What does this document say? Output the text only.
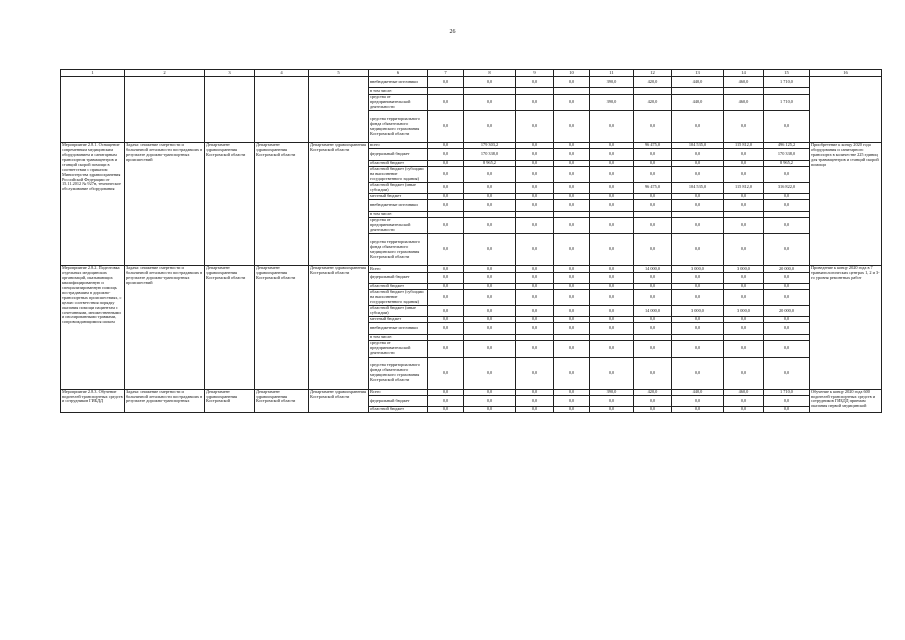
26
1	2	3	4	5	6	7	8	9	10	11	12	13	14	15	16
					внебюджетные источники	0,0	0,0	0,0	0,0	390,0	420,0	440,0	460,0	1 710,0	
					в том числе:										
					средства от предпринимательской деятельности	0,0	0,0	0,0	0,0	390,0	420,0	440,0	460,0	1 710,0	
					средства территориального фонда обязательного медицинского страхования Костромской области	0,0	0,0	0,0	0,0	0,0	0,0	0,0	0,0	0,0	
Мероприятие 2.8.1. Оснащение современным медицинским оборудованием и санитарным транспортом травмацентров и станций скорой помощи в соответствии с приказом Министерства здравоохранения Российской Федерации от 15.11.2012 № 927н, техническое обслуживание оборудования	Задача: снижение смертности и больничной летальности пострадавших в результате дорожно-транспортных происшествий	Департамент здравоохранения Костромской области	Департамент здравоохранения Костромской области	Департамент здравоохранения Костромской области	всего	0,0	179 303,2	0,0	0,0	0,0	96 475,0	104 535,0	115 812,0	496 125,2	Приобретение к концу 2020 года оборудования и санитарного транспорта в количестве 225 единиц для травмацентров и станций скорой помощи
					федеральный бюджет	0,0	170 338,0	0,0	0,0	0,0	0,0	0,0	0,0	170 338,0	
					областной бюджет	0,0	8 965,2	0,0	0,0	0,0	0,0	0,0	0,0	8 965,2	
					областной бюджет (субсидии на выполнение государственного задания)	0,0	0,0	0,0	0,0	0,0	0,0	0,0	0,0	0,0	
					областной бюджет (иные субсидии)	0,0	0,0	0,0	0,0	0,0	96 475,0	104 535,0	115 812,0	316 822,0	
					местный бюджет	0,0	0,0	0,0	0,0	0,0	0,0	0,0	0,0	0,0	
					внебюджетные источники	0,0	0,0	0,0	0,0	0,0	0,0	0,0	0,0	0,0	
					в том числе:										
					средства от предпринимательской деятельности	0,0	0,0	0,0	0,0	0,0	0,0	0,0	0,0	0,0	
					средства территориального фонда обязательного медицинского страхования Костромской области	0,0	0,0	0,0	0,0	0,0	0,0	0,0	0,0	0,0	
Мероприятие 2.8.2. Подготовка отдельных медицинских организаций, оказывающих квалифицированную и специализированную помощь пострадавшим в дорожно-транспортных происшествиях, с целью соответствия порядку оказания помощи пациентам с сочетанными, множественными и изолированными травмами, сопровождающимися шоком	Задача: снижение смертности и больничной летальности пострадавших в результате дорожно-транспортных происшествий	Департамент здравоохранения Костромской области	Департамент здравоохранения Костромской области	Департамент здравоохранения Костромской области	Всего	0,0	0,0	0,0	0,0	0,0	14 000,0	3 000,0	3 000,0	20 000,0	Проведение к концу 2020 года в 7 травматологических центрах 1, 2 и 3-го уровня ремонтных работ
					федеральный бюджет	0,0	0,0	0,0	0,0	0,0	0,0	0,0	0,0	0,0	
					областной бюджет	0,0	0,0	0,0	0,0	0,0	0,0	0,0	0,0	0,0	
					областной бюджет (субсидии на выполнение государственного задания)	0,0	0,0	0,0	0,0	0,0	0,0	0,0	0,0	0,0	
					областной бюджет (иные субсидии)	0,0	0,0	0,0	0,0	0,0	14 000,0	3 000,0	3 000,0	20 000,0	
					местный бюджет	0,0	0,0	0,0	0,0	0,0	0,0	0,0	0,0	0,0	
					внебюджетные источники	0,0	0,0	0,0	0,0	0,0	0,0	0,0	0,0	0,0	
					в том числе:										
					средства от предпринимательской деятельности	0,0	0,0	0,0	0,0	0,0	0,0	0,0	0,0	0,0	
					средства территориального фонда обязательного медицинского страхования Костромской области	0,0	0,0	0,0	0,0	0,0	0,0	0,0	0,0	0,0	
Мероприятие 2.8.3. Обучение водителей транспортных средств и сотрудников ГИБДД	Задача: снижение смертности и больничной летальности пострадавших в результате дорожно-транспортных	Департамент здравоохранения Костромской	Департамент здравоохранения Костромской области	Департамент здравоохранения Костромской области	Всего	0,0	0,0	0,0	0,0	390,0	420,0	440,0	460,0	1 710,0	Обучение к концу 2020 года 600 водителей транспортных средств и сотрудников ГИБДД приемам оказания первой медицинской
					федеральный бюджет	0,0	0,0	0,0	0,0	0,0	0,0	0,0	0,0	0,0	
					областной бюджет	0,0	0,0	0,0	0,0	0,0	0,0	0,0	0,0	0,0	
